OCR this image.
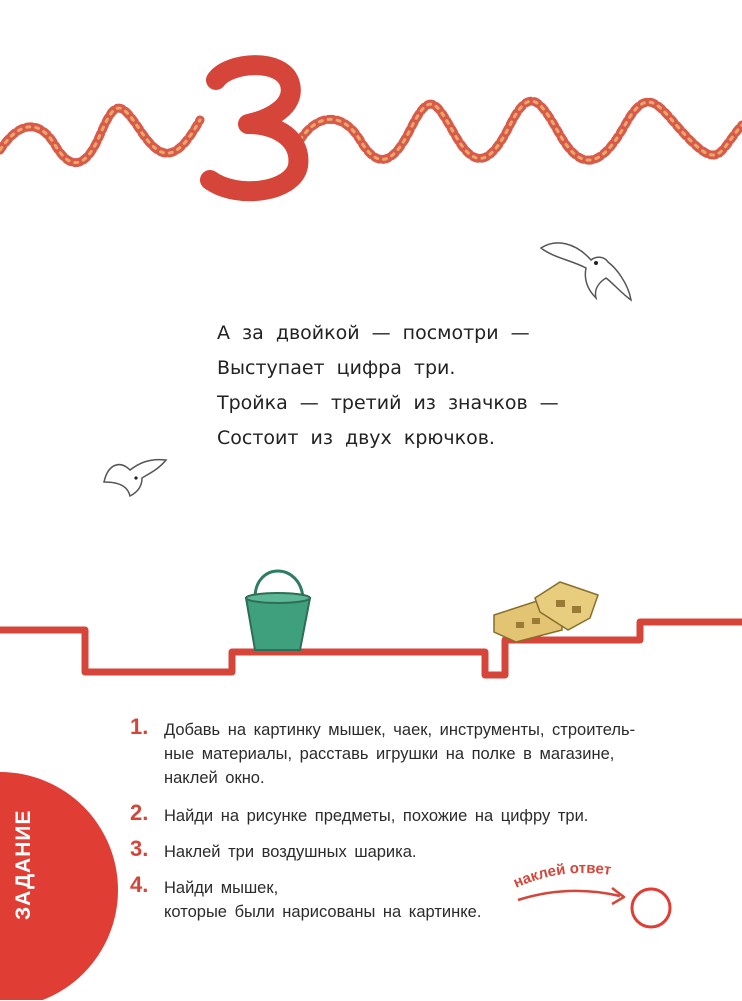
А за двойкой — посмотри —
Выступает цифра три.
Тройка — третий из значков —
Состоит из двух крючков.
ЗАДАНИЕ
1. Добавь на картинку мышек, чаек, инструменты, строитель-
ные материалы, расставь игрушки на полке в магазине,
наклей окно.
2. Найди на рисунке предметы, похожие на цифру три.
3. Наклей три воздушных шарика.
4. Найди мышек,
которые были нарисованы на картинке.
наклей ответ
